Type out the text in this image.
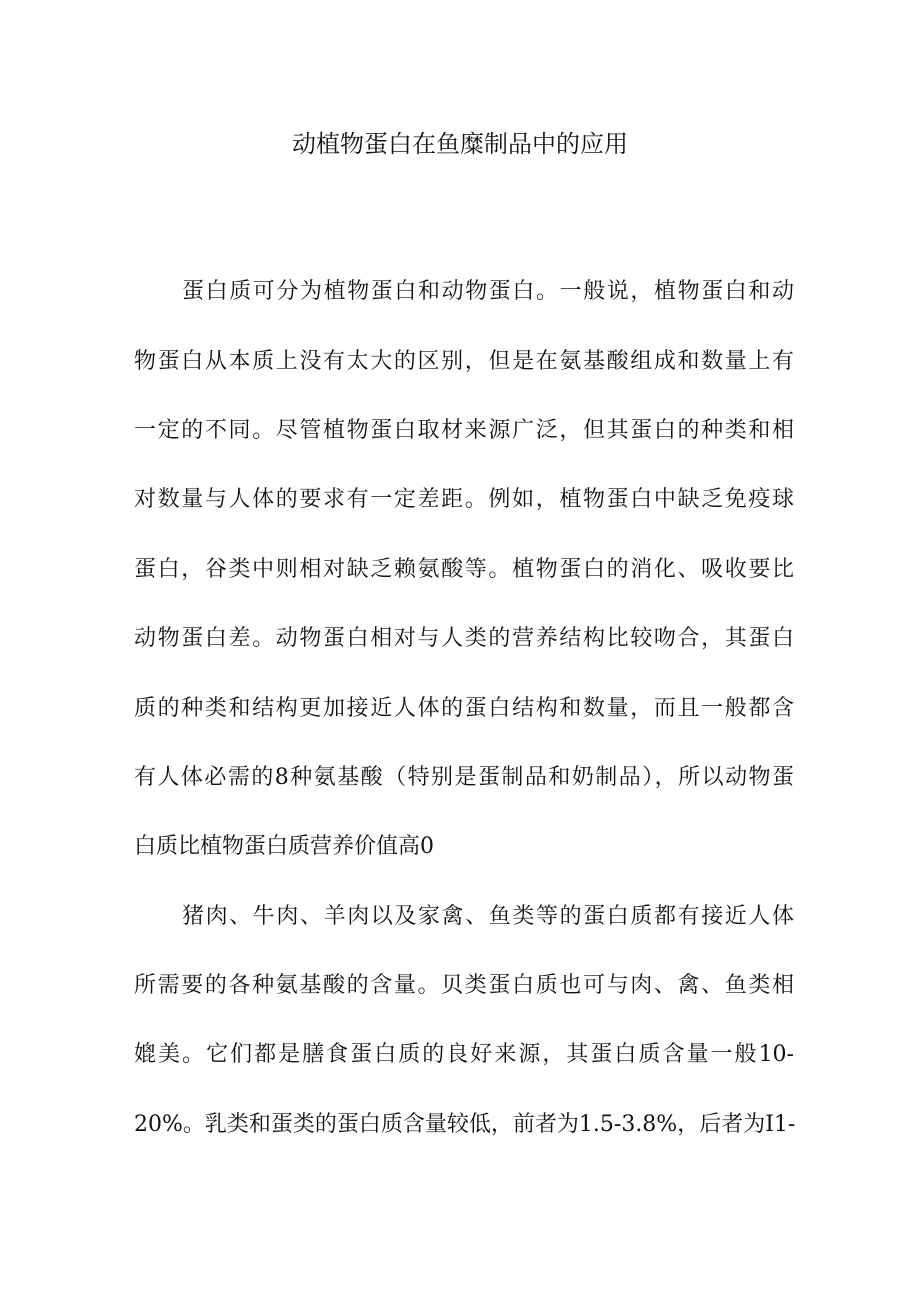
动植物蛋白在鱼糜制品中的应用
蛋白质可分为植物蛋白和动物蛋白。一般说，植物蛋白和动
物蛋白从本质上没有太大的区别，但是在氨基酸组成和数量上有
一定的不同。尽管植物蛋白取材来源广泛，但其蛋白的种类和相
对数量与人体的要求有一定差距。例如，植物蛋白中缺乏免疫球
蛋白，谷类中则相对缺乏赖氨酸等。植物蛋白的消化、吸收要比
动物蛋白差。动物蛋白相对与人类的营养结构比较吻合，其蛋白
质的种类和结构更加接近人体的蛋白结构和数量，而且一般都含
有人体必需的8种氨基酸（特别是蛋制品和奶制品），所以动物蛋
白质比植物蛋白质营养价值高0
猪肉、牛肉、羊肉以及家禽、鱼类等的蛋白质都有接近人体
所需要的各种氨基酸的含量。贝类蛋白质也可与肉、禽、鱼类相
媲美。它们都是膳食蛋白质的良好来源，其蛋白质含量一般10-
20%。乳类和蛋类的蛋白质含量较低，前者为1.5-3.8%，后者为I1-
